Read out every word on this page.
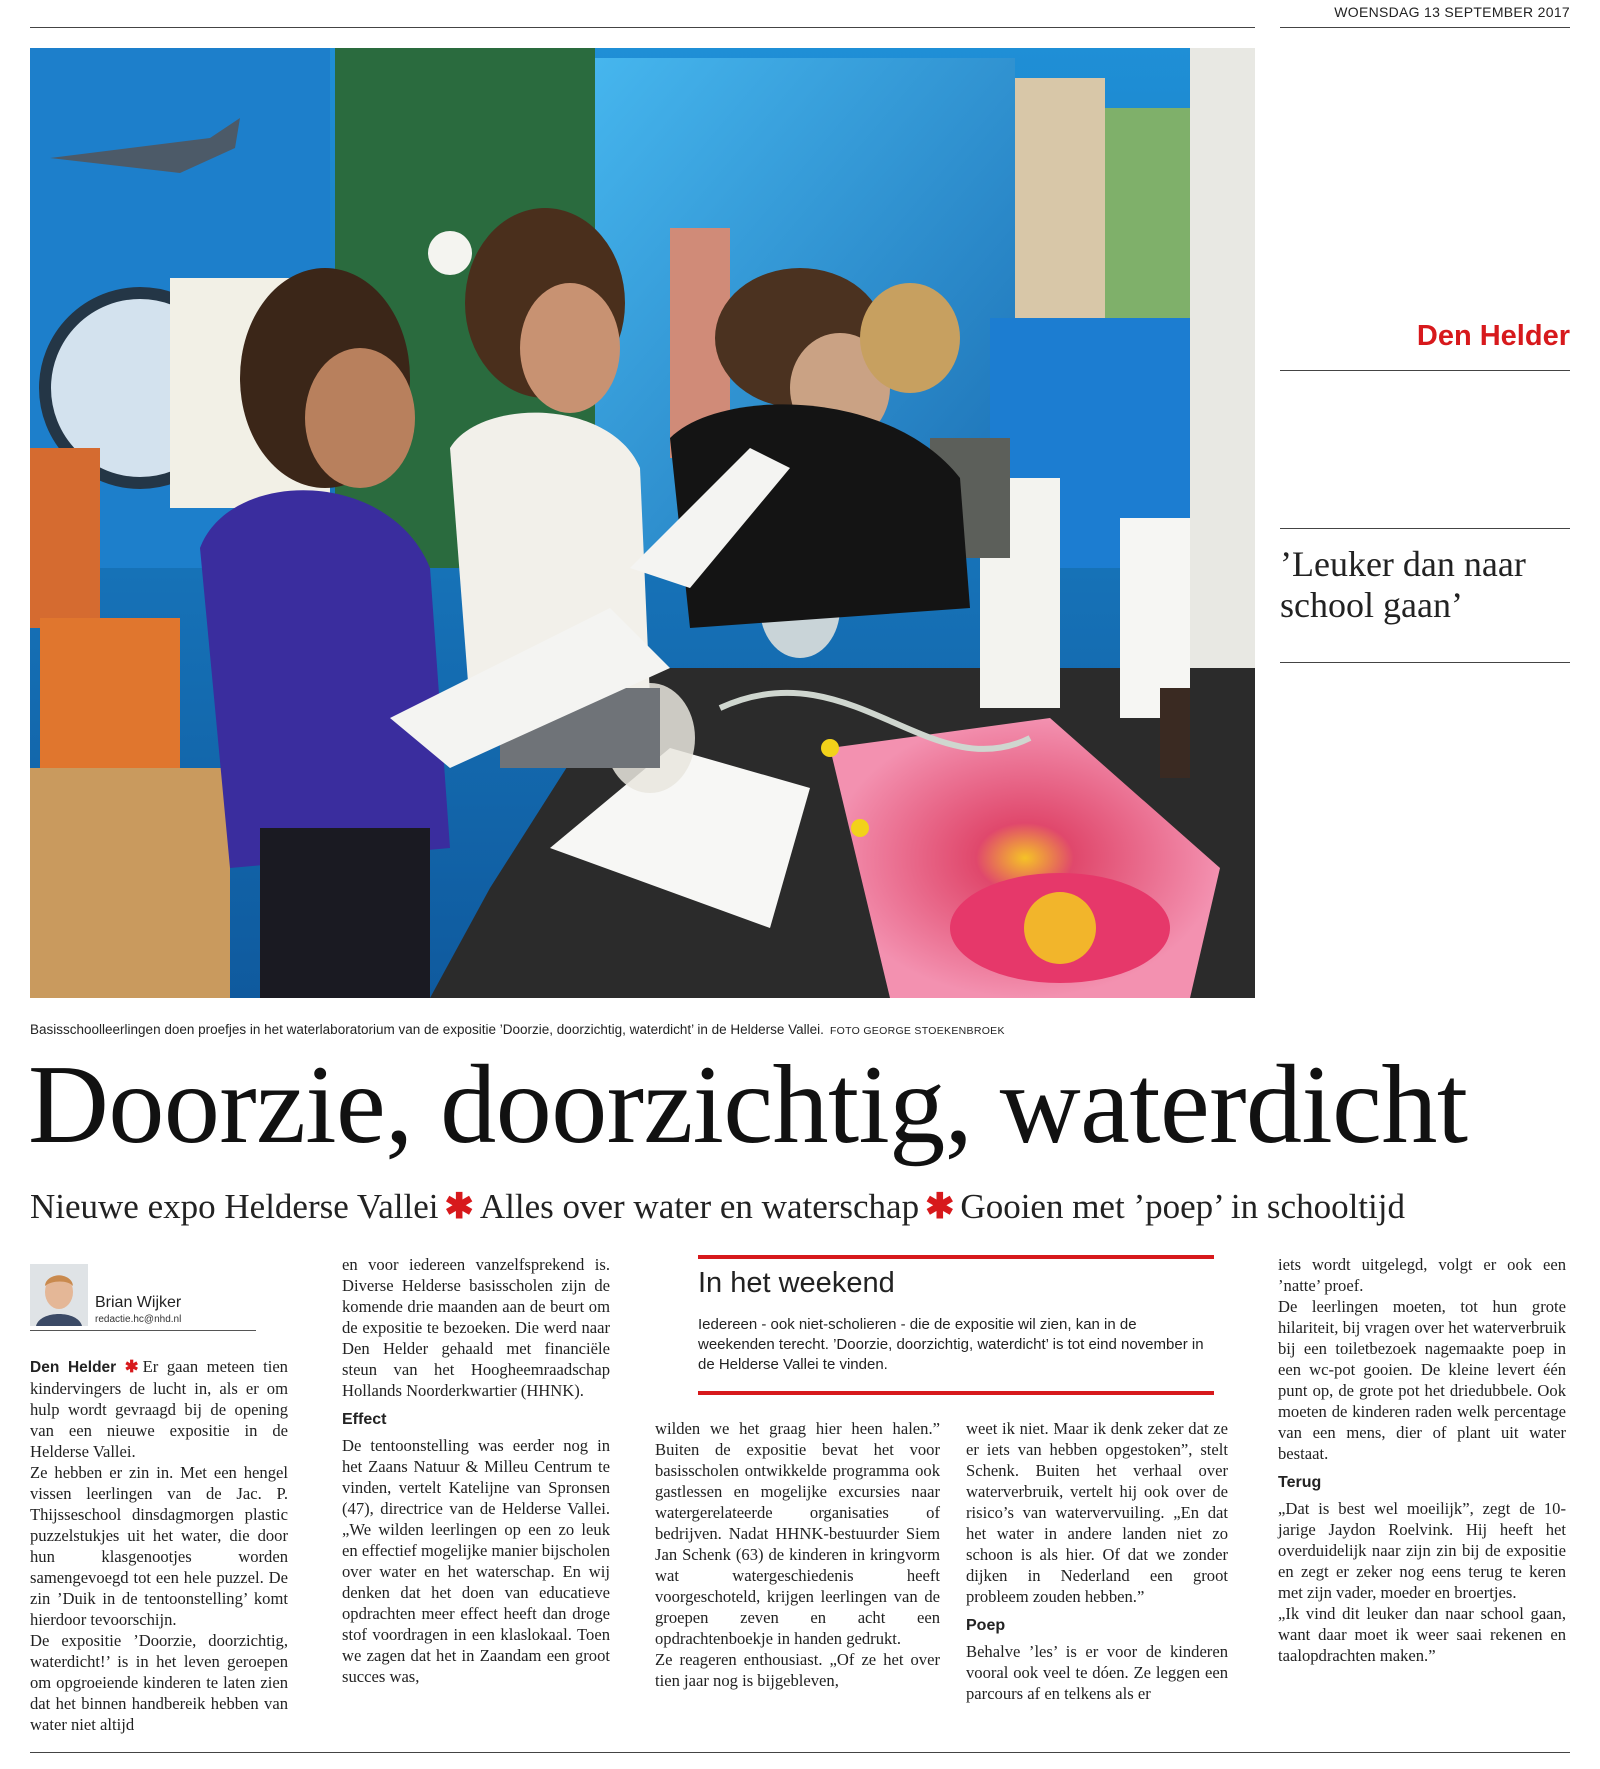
WOENSDAG 13 SEPTEMBER 2017
Basisschoolleerlingen doen proefjes in het waterlaboratorium van de expositie ’Doorzie, doorzichtig, waterdicht’ in de Helderse Vallei. FOTO GEORGE STOEKENBROEK
Den Helder
’Leuker dan naar school gaan’
Doorzie, doorzichtig, waterdicht
Nieuwe expo Helderse Vallei ✱ Alles over water en waterschap ✱ Gooien met ’poep’ in schooltijd
Brian Wijker
redactie.hc@nhd.nl

Den Helder ✱ Er gaan meteen tien kindervingers de lucht in, als er om hulp wordt gevraagd bij de opening van een nieuwe expositie in de Helderse Vallei.

Ze hebben er zin in. Met een hengel vissen leerlingen van de Jac. P. Thijsseschool dinsdagmorgen plastic puzzelstukjes uit het water, die door hun klasgenootjes worden samengevoegd tot een hele puzzel. De zin ’Duik in de tentoonstelling’ komt hierdoor tevoorschijn.

De expositie ’Doorzie, doorzichtig, waterdicht!’ is in het leven geroepen om opgroeiende kinderen te laten zien dat het binnen handbereik hebben van water niet altijd

en voor iedereen vanzelfsprekend is. Diverse Helderse basisscholen zijn de komende drie maanden aan de beurt om de expositie te bezoeken. Die werd naar Den Helder gehaald met financiële steun van het Hoogheemraadschap Hollands Noorderkwartier (HHNK).

Effect

De tentoonstelling was eerder nog in het Zaans Natuur & Milleu Centrum te vinden, vertelt Katelijne van Spronsen (47), directrice van de Helderse Vallei. „We wilden leerlingen op een zo leuk en effectief mogelijke manier bijscholen over water en het waterschap. En wij denken dat het doen van educatieve opdrachten meer effect heeft dan droge stof voordragen in een klaslokaal. Toen we zagen dat het in Zaandam een groot succes was,

In het weekend
Iedereen - ook niet-scholieren - die de expositie wil zien, kan in de weekenden terecht. ’Doorzie, doorzichtig, waterdicht’ is tot eind november in de Helderse Vallei te vinden.

wilden we het graag hier heen halen.” Buiten de expositie bevat het voor basisscholen ontwikkelde programma ook gastlessen en mogelijke excursies naar watergerelateerde organisaties of bedrijven. Nadat HHNK-bestuurder Siem Jan Schenk (63) de kinderen in kringvorm wat watergeschiedenis heeft voorgeschoteld, krijgen leerlingen van de groepen zeven en acht een opdrachtenboekje in handen gedrukt.

Ze reageren enthousiast. „Of ze het over tien jaar nog is bijgebleven,

weet ik niet. Maar ik denk zeker dat ze er iets van hebben opgestoken”, stelt Schenk. Buiten het verhaal over waterverbruik, vertelt hij ook over de risico’s van watervervuiling. „En dat het water in andere landen niet zo schoon is als hier. Of dat we zonder dijken in Nederland een groot probleem zouden hebben.”

Poep

Behalve ’les’ is er voor de kinderen vooral ook veel te dóen. Ze leggen een parcours af en telkens als er

iets wordt uitgelegd, volgt er ook een ’natte’ proef.

De leerlingen moeten, tot hun grote hilariteit, bij vragen over het waterverbruik bij een toiletbezoek nagemaakte poep in een wc-pot gooien. De kleine levert één punt op, de grote pot het driedubbele. Ook moeten de kinderen raden welk percentage van een mens, dier of plant uit water bestaat.

Terug

„Dat is best wel moeilijk”, zegt de 10-jarige Jaydon Roelvink. Hij heeft het overduidelijk naar zijn zin bij de expositie en zegt er zeker nog eens terug te keren met zijn vader, moeder en broertjes.

„Ik vind dit leuker dan naar school gaan, want daar moet ik weer saai rekenen en taalopdrachten maken.”
